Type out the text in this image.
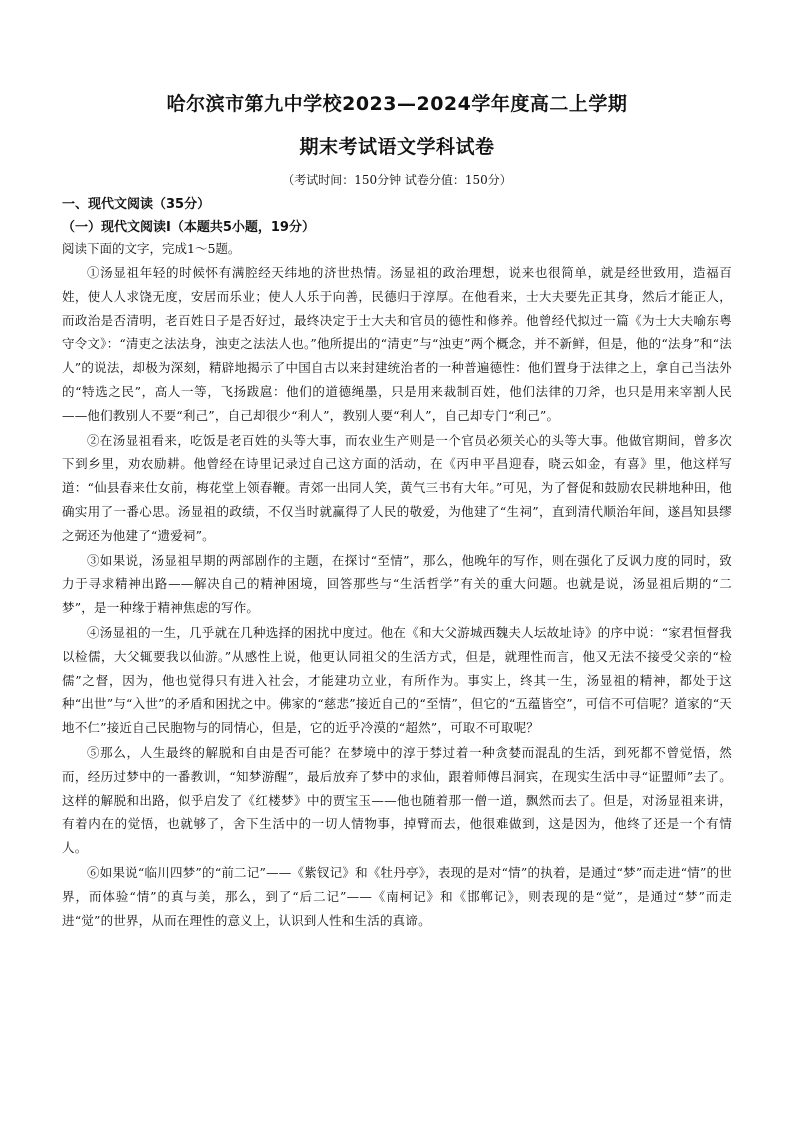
哈尔滨市第九中学校2023—2024学年度高二上学期
期末考试语文学科试卷
（考试时间：150分钟 试卷分值：150分）
一、现代文阅读（35分）
（一）现代文阅读Ⅰ（本题共5小题，19分）
阅读下面的文字，完成1～5题。

①汤显祖年轻的时候怀有满腔经天纬地的济世热情。汤显祖的政治理想，说来也很简单，就是经世致用，造福百姓，使人人求饶无度，安居而乐业；使人人乐于向善，民德归于淳厚。在他看来，士大夫要先正其身，然后才能正人，而政治是否清明，老百姓日子是否好过，最终决定于士大夫和官员的德性和修养。他曾经代拟过一篇《为士大夫喻东粤守令文》：“清吏之法法身，浊吏之法法人也。”他所提出的“清吏”与“浊吏”两个概念，并不新鲜，但是，他的“法身”和“法人”的说法，却极为深刻，精辟地揭示了中国自古以来封建统治者的一种普遍德性：他们置身于法律之上，拿自己当法外的“特选之民”，高人一等，飞扬跋扈：他们的道德绳墨，只是用来裁制百姓，他们法律的刀斧，也只是用来宰割人民——他们教别人不要“利己”，自己却很少“利人”，教别人要“利人”，自己却专门“利己”。

②在汤显祖看来，吃饭是老百姓的头等大事，而农业生产则是一个官员必须关心的头等大事。他做官期间，曾多次下到乡里，劝农励耕。他曾经在诗里记录过自己这方面的活动，在《丙申平昌迎春，晓云如金，有喜》里，他这样写道：“仙县春来仕女前，梅花堂上领春鞭。青郊一出同人笑，黄气三书有大年。”可见，为了督促和鼓励农民耕地种田，他确实用了一番心思。汤显祖的政绩，不仅当时就赢得了人民的敬爱，为他建了“生祠”，直到清代顺治年间，遂昌知县缪之弼还为他建了“遗爱祠”。

③如果说，汤显祖早期的两部剧作的主题，在探讨“至情”，那么，他晚年的写作，则在强化了反讽力度的同时，致力于寻求精神出路——解决自己的精神困境，回答那些与“生活哲学”有关的重大问题。也就是说，汤显祖后期的“二梦”，是一种缘于精神焦虑的写作。

④汤显祖的一生，几乎就在几种选择的困扰中度过。他在《和大父游城西魏夫人坛故址诗》的序中说：“家君恒督我以检儒，大父辄要我以仙游。”从感性上说，他更认同祖父的生活方式，但是，就理性而言，他又无法不接受父亲的“检儒”之督，因为，他也觉得只有进入社会，才能建功立业，有所作为。事实上，终其一生，汤显祖的精神，都处于这种“出世”与“入世”的矛盾和困扰之中。佛家的“慈悲”接近自己的“至情”，但它的“五蕴皆空”，可信不可信呢？道家的“天地不仁”接近自己民胞物与的同情心，但是，它的近乎冷漠的“超然”，可取不可取呢？

⑤那么，人生最终的解脱和自由是否可能？在梦境中的淳于棼过着一种贪婪而混乱的生活，到死都不曾觉悟，然而，经历过梦中的一番教训，“知梦游醒”，最后放弃了梦中的求仙，跟着师傅吕洞宾，在现实生活中寻“证盟师”去了。这样的解脱和出路，似乎启发了《红楼梦》中的贾宝玉——他也随着那一僧一道，飘然而去了。但是，对汤显祖来讲，有着内在的觉悟，也就够了，舍下生活中的一切人情物事，掉臂而去，他很难做到，这是因为，他终了还是一个有情人。

⑥如果说“临川四梦”的“前二记”——《紫钗记》和《牡丹亭》，表现的是对“情”的执着，是通过“梦”而走进“情”的世界，而体验“情”的真与美，那么，到了“后二记”——《南柯记》和《邯郸记》，则表现的是“觉”，是通过“梦”而走进“觉”的世界，从而在理性的意义上，认识到人性和生活的真谛。
